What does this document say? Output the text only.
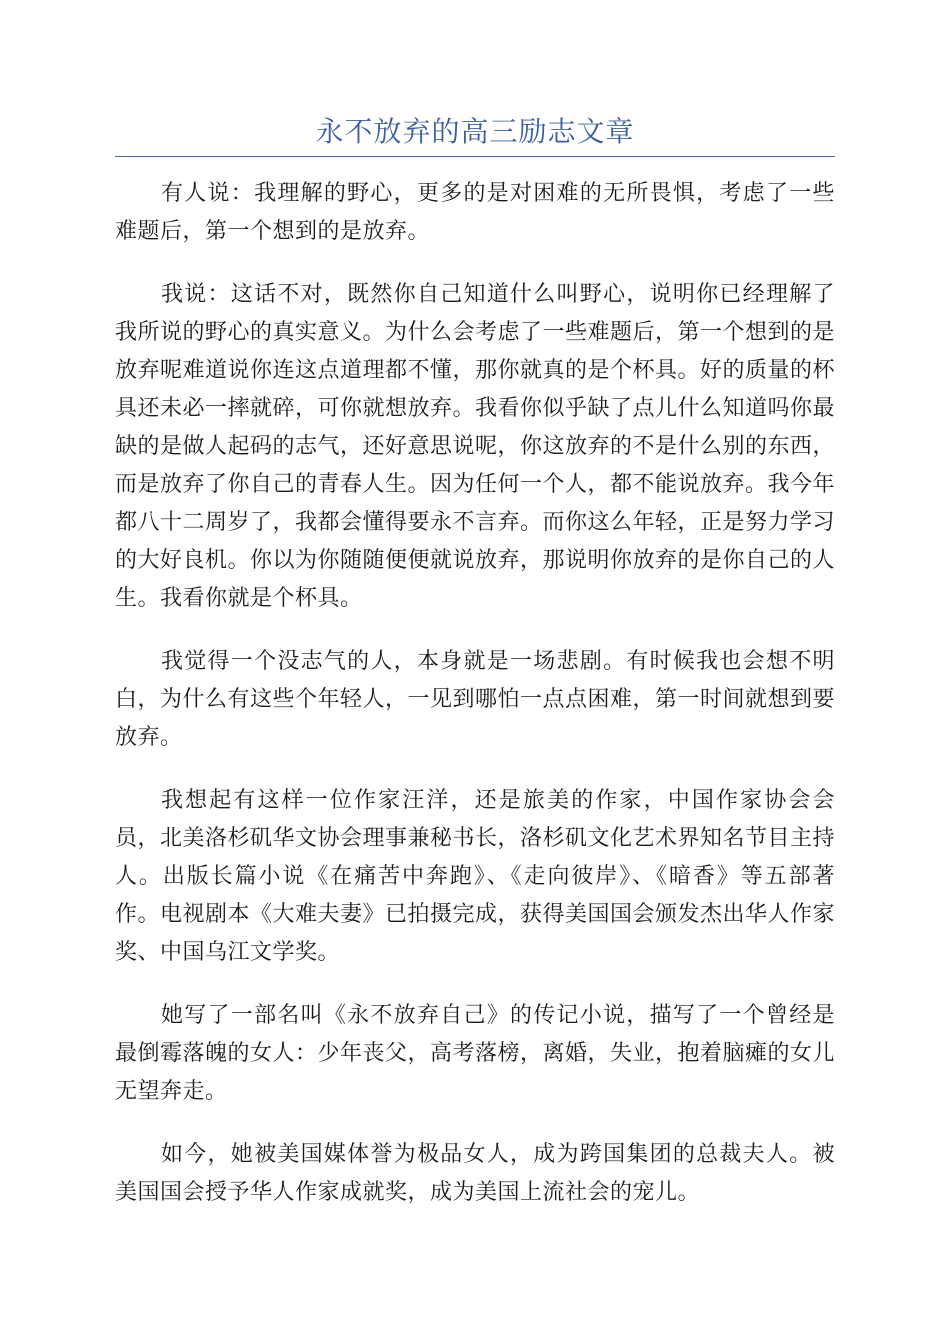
永不放弃的高三励志文章

有人说：我理解的野心，更多的是对困难的无所畏惧，考虑了一些难题后，第一个想到的是放弃。

我说：这话不对，既然你自己知道什么叫野心，说明你已经理解了我所说的野心的真实意义。为什么会考虑了一些难题后，第一个想到的是放弃呢难道说你连这点道理都不懂，那你就真的是个杯具。好的质量的杯具还未必一摔就碎，可你就想放弃。我看你似乎缺了点儿什么知道吗你最缺的是做人起码的志气，还好意思说呢，你这放弃的不是什么别的东西，而是放弃了你自己的青春人生。因为任何一个人，都不能说放弃。我今年都八十二周岁了，我都会懂得要永不言弃。而你这么年轻，正是努力学习的大好良机。你以为你随随便便就说放弃，那说明你放弃的是你自己的人生。我看你就是个杯具。

我觉得一个没志气的人，本身就是一场悲剧。有时候我也会想不明白，为什么有这些个年轻人，一见到哪怕一点点困难，第一时间就想到要放弃。

我想起有这样一位作家汪洋，还是旅美的作家，中国作家协会会员，北美洛杉矶华文协会理事兼秘书长，洛杉矶文化艺术界知名节目主持人。出版长篇小说《在痛苦中奔跑》、《走向彼岸》、《暗香》等五部著作。电视剧本《大难夫妻》已拍摄完成，获得美国国会颁发杰出华人作家奖、中国乌江文学奖。

她写了一部名叫《永不放弃自己》的传记小说，描写了一个曾经是最倒霉落魄的女人：少年丧父，高考落榜，离婚，失业，抱着脑瘫的女儿无望奔走。

如今，她被美国媒体誉为极品女人，成为跨国集团的总裁夫人。被美国国会授予华人作家成就奖，成为美国上流社会的宠儿。
